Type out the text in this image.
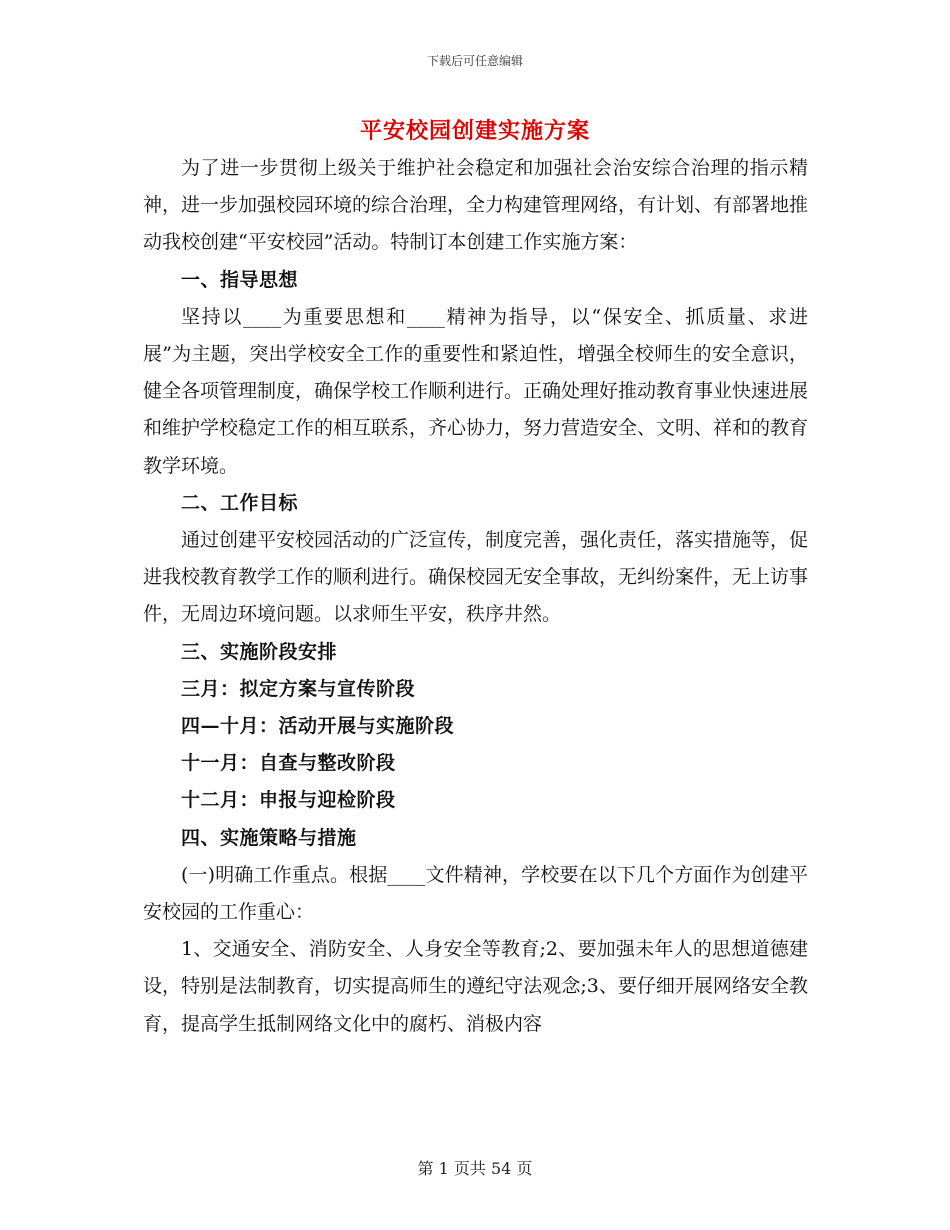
下载后可任意编辑
平安校园创建实施方案

为了进一步贯彻上级关于维护社会稳定和加强社会治安综合治理的指示精神，进一步加强校园环境的综合治理，全力构建管理网络，有计划、有部署地推动我校创建“平安校园”活动。特制订本创建工作实施方案：

一、指导思想

坚持以____为重要思想和____精神为指导，以“保安全、抓质量、求进展”为主题，突出学校安全工作的重要性和紧迫性，增强全校师生的安全意识，健全各项管理制度，确保学校工作顺利进行。正确处理好推动教育事业快速进展和维护学校稳定工作的相互联系，齐心协力，努力营造安全、文明、祥和的教育教学环境。

二、工作目标

通过创建平安校园活动的广泛宣传，制度完善，强化责任，落实措施等，促进我校教育教学工作的顺利进行。确保校园无安全事故，无纠纷案件，无上访事件，无周边环境问题。以求师生平安，秩序井然。

三、实施阶段安排

三月：拟定方案与宣传阶段

四—十月：活动开展与实施阶段

十一月：自查与整改阶段

十二月：申报与迎检阶段

四、实施策略与措施

(一)明确工作重点。根据____文件精神，学校要在以下几个方面作为创建平安校园的工作重心：

1、交通安全、消防安全、人身安全等教育;2、要加强未年人的思想道德建设，特别是法制教育，切实提高师生的遵纪守法观念;3、要仔细开展网络安全教育，提高学生抵制网络文化中的腐朽、消极内容

第 1 页共 54 页
